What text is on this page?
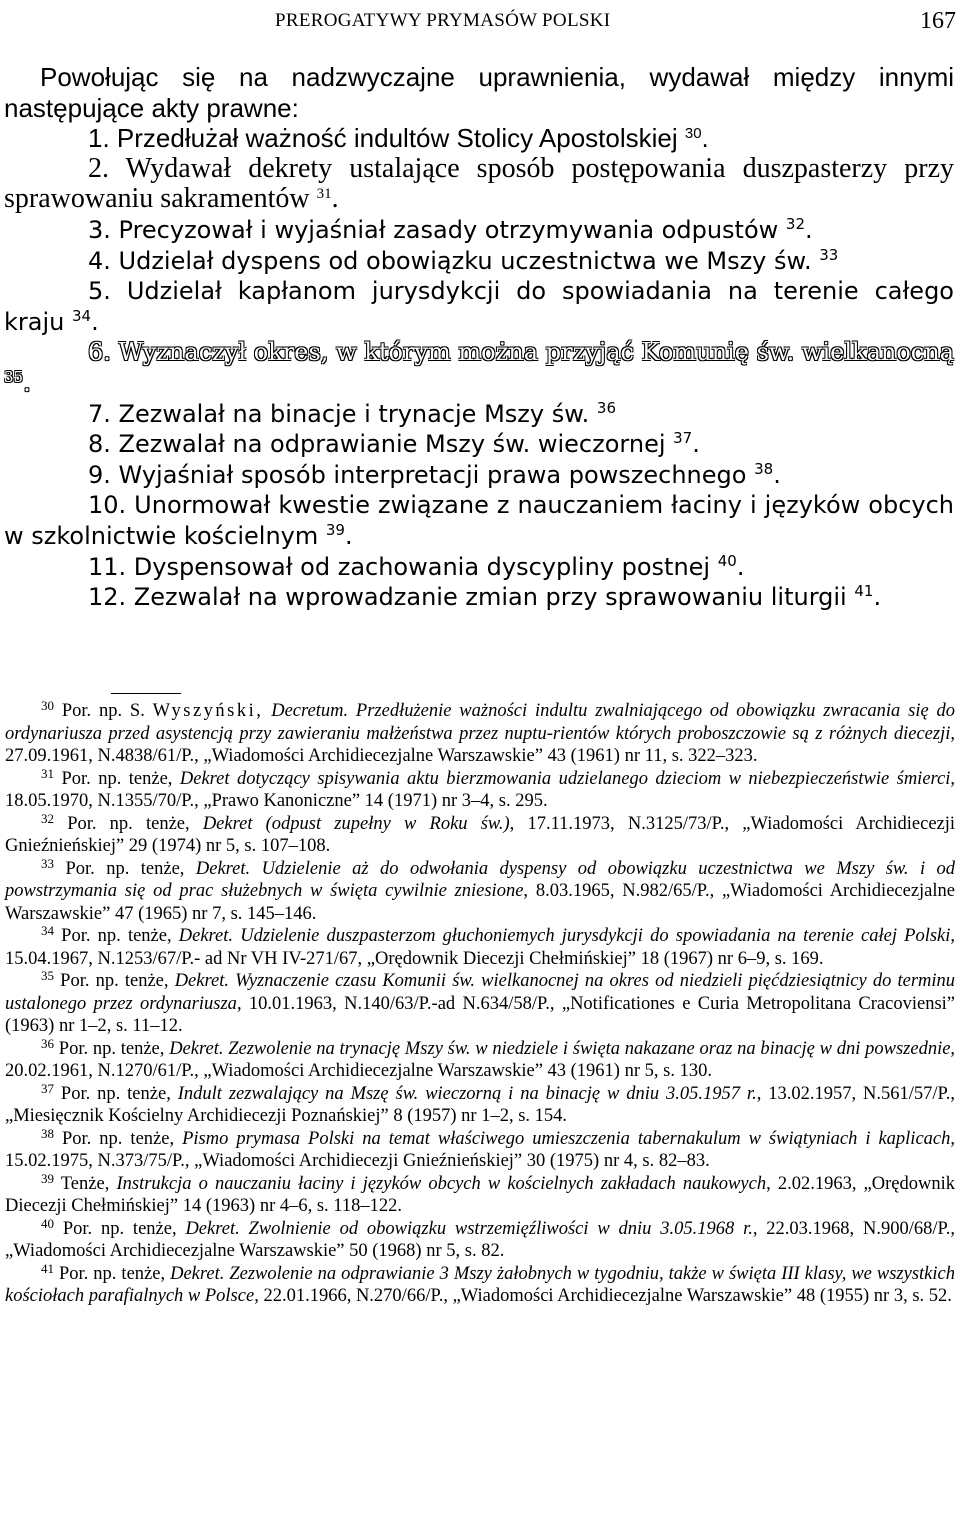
PREROGATYWY PRYMASÓW POLSKI	167

Powołując się na nadzwyczajne uprawnienia, wydawał między innymi następujące akty prawne:

1. Przedłużał ważność indultów Stolicy Apostolskiej $^{30}$.

2. Wydawał dekrety ustalające sposób postępowania duszpasterzy przy sprawowaniu sakramentów $^{31}$.

3. Precyzował i wyjaśniał zasady otrzymywania odpustów $^{32}$.

4. Udzielał dyspens od obowiązku uczestnictwa we Mszy św. $^{33}$

5. Udzielał kapłanom jurysdykcji do spowiadania na terenie całego kraju $^{34}$.

6. Wyznaczył okres, w którym można przyjąć Komunię św. wielkanocną $^{35}$.

7. Zezwalał na binacje i trynacje Mszy św. $^{36}$

8. Zezwalał na odprawianie Mszy św. wieczornej $^{37}$.

9. Wyjaśniał sposób interpretacji prawa powszechnego $^{38}$.

10. Unormował kwestie związane z nauczaniem łaciny i języków obcych w szkolnictwie kościelnym $^{39}$.

11. Dyspensował od zachowania dyscypliny postnej $^{40}$.

12. Zezwalał na wprowadzanie zmian przy sprawowaniu liturgii $^{41}$.

$^{30}$ Por. np. S. Wyszyński, Decretum. Przedłużenie ważności indultu zwalniającego od obowiązku zwracania się do ordynariusza przed asystencją przy zawieraniu małżeństwa przez nuptu-rientów których proboszczowie są z różnych diecezji, 27.09.1961, N.4838/61/P., „Wiadomości Archidiecezjalne Warszawskie” 43 (1961) nr 11, s. 322–323.

$^{31}$ Por. np. tenże, Dekret dotyczący spisywania aktu bierzmowania udzielanego dzieciom w niebezpieczeństwie śmierci, 18.05.1970, N.1355/70/P., „Prawo Kanoniczne” 14 (1971) nr 3–4, s. 295.

$^{32}$ Por. np. tenże, Dekret (odpust zupełny w Roku św.), 17.11.1973, N.3125/73/P., „Wiadomości Archidiecezji Gnieźnieńskiej” 29 (1974) nr 5, s. 107–108.

$^{33}$ Por. np. tenże, Dekret. Udzielenie aż do odwołania dyspensy od obowiązku uczestnictwa we Mszy św. i od powstrzymania się od prac służebnych w święta cywilnie zniesione, 8.03.1965, N.982/65/P., „Wiadomości Archidiecezjalne Warszawskie” 47 (1965) nr 7, s. 145–146.

$^{34}$ Por. np. tenże, Dekret. Udzielenie duszpasterzom głuchoniemych jurysdykcji do spowiadania na terenie całej Polski, 15.04.1967, N.1253/67/P.- ad Nr VH IV-271/67, „Orędownik Diecezji Chełmińskiej” 18 (1967) nr 6–9, s. 169.

$^{35}$ Por. np. tenże, Dekret. Wyznaczenie czasu Komunii św. wielkanocnej na okres od niedzieli pięćdziesiątnicy do terminu ustalonego przez ordynariusza, 10.01.1963, N.140/63/P.-ad N.634/58/P., „Notificationes e Curia Metropolitana Cracoviensi” (1963) nr 1–2, s. 11–12.

$^{36}$ Por. np. tenże, Dekret. Zezwolenie na trynację Mszy św. w niedziele i święta nakazane oraz na binację w dni powszednie, 20.02.1961, N.1270/61/P., „Wiadomości Archidiecezjalne Warszawskie” 43 (1961) nr 5, s. 130.

$^{37}$ Por. np. tenże, Indult zezwalający na Mszę św. wieczorną i na binację w dniu 3.05.1957 r., 13.02.1957, N.561/57/P., „Miesięcznik Kościelny Archidiecezji Poznańskiej” 8 (1957) nr 1–2, s. 154.

$^{38}$ Por. np. tenże, Pismo prymasa Polski na temat właściwego umieszczenia tabernakulum w świątyniach i kaplicach, 15.02.1975, N.373/75/P., „Wiadomości Archidiecezji Gnieźnieńskiej” 30 (1975) nr 4, s. 82–83.

$^{39}$ Tenże, Instrukcja o nauczaniu łaciny i języków obcych w kościelnych zakładach naukowych, 2.02.1963, „Orędownik Diecezji Chełmińskiej” 14 (1963) nr 4–6, s. 118–122.

$^{40}$ Por. np. tenże, Dekret. Zwolnienie od obowiązku wstrzemięźliwości w dniu 3.05.1968 r., 22.03.1968, N.900/68/P., „Wiadomości Archidiecezjalne Warszawskie” 50 (1968) nr 5, s. 82.

$^{41}$ Por. np. tenże, Dekret. Zezwolenie na odprawianie 3 Mszy żałobnych w tygodniu, także w święta III klasy, we wszystkich kościołach parafialnych w Polsce, 22.01.1966, N.270/66/P., „Wiadomości Archidiecezjalne Warszawskie” 48 (1955) nr 3, s. 52.
